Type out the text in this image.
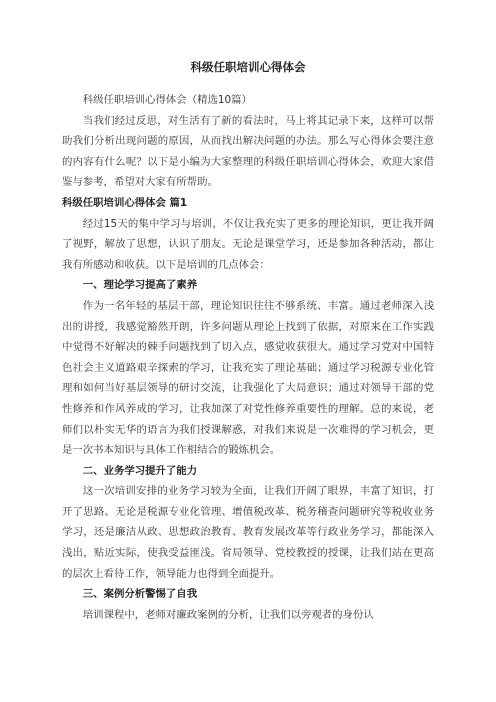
科级任职培训心得体会

科级任职培训心得体会（精选10篇）

当我们经过反思，对生活有了新的看法时，马上将其记录下来，这样可以帮助我们分析出现问题的原因，从而找出解决问题的办法。那么写心得体会要注意的内容有什么呢？以下是小编为大家整理的科级任职培训心得体会，欢迎大家借鉴与参考，希望对大家有所帮助。

科级任职培训心得体会 篇1

经过15天的集中学习与培训，不仅让我充实了更多的理论知识，更让我开阔了视野，解放了思想，认识了朋友。无论是课堂学习，还是参加各种活动，都让我有所感动和收获。以下是培训的几点体会：

一、理论学习提高了素养

作为一名年轻的基层干部，理论知识往往不够系统、丰富。通过老师深入浅出的讲授，我感觉豁然开朗，许多问题从理论上找到了依据，对原来在工作实践中觉得不好解决的棘手问题找到了切入点，感觉收获很大。通过学习党对中国特色社会主义道路艰辛探索的学习，让我充实了理论基础；通过学习税源专业化管理和如何当好基层领导的研讨交流，让我强化了大局意识；通过对领导干部的党性修养和作风养成的学习，让我加深了对党性修养重要性的理解。总的来说，老师们以朴实无华的语言为我们授课解惑，对我们来说是一次难得的学习机会，更是一次书本知识与具体工作相结合的锻炼机会。

二、业务学习提升了能力

这一次培训安排的业务学习较为全面，让我们开阔了眼界，丰富了知识，打开了思路。无论是税源专业化管理、增值税改革、税务稽查问题研究等税收业务学习，还是廉洁从政、思想政治教育、教育发展改革等行政业务学习，都能深入浅出，贴近实际，使我受益匪浅。省局领导、党校教授的授课，让我们站在更高的层次上看待工作，领导能力也得到全面提升。

三、案例分析警惕了自我

培训课程中，老师对廉政案例的分析，让我们以旁观者的身份认
